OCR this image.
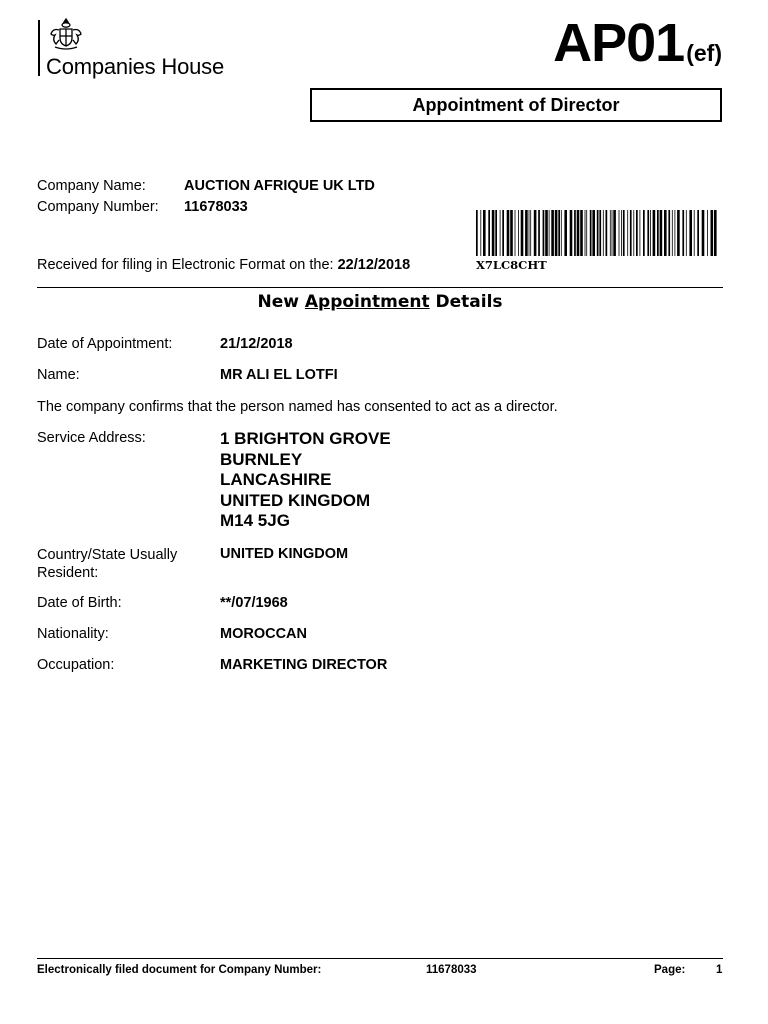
Companies House	AP01(ef)
Appointment of Director
Company Name:	AUCTION AFRIQUE UK LTD
Company Number: 11678033
X7LC8CHT
Received for filing in Electronic Format on the: 22/12/2018
New Appointment Details
Date of Appointment:	21/12/2018
Name:	MR ALI EL LOTFI
The company confirms that the person named has consented to act as a director.
Service Address:	1 BRIGHTON GROVE
BURNLEY
LANCASHIRE
UNITED KINGDOM
M14 5JG
Country/State Usually
Resident:
UNITED KINGDOM
Date of Birth:	**/07/1968
Nationality:	MOROCCAN
Occupation:	MARKETING DIRECTOR
Electronically filed document for Company Number:	11678033	Page:	1
